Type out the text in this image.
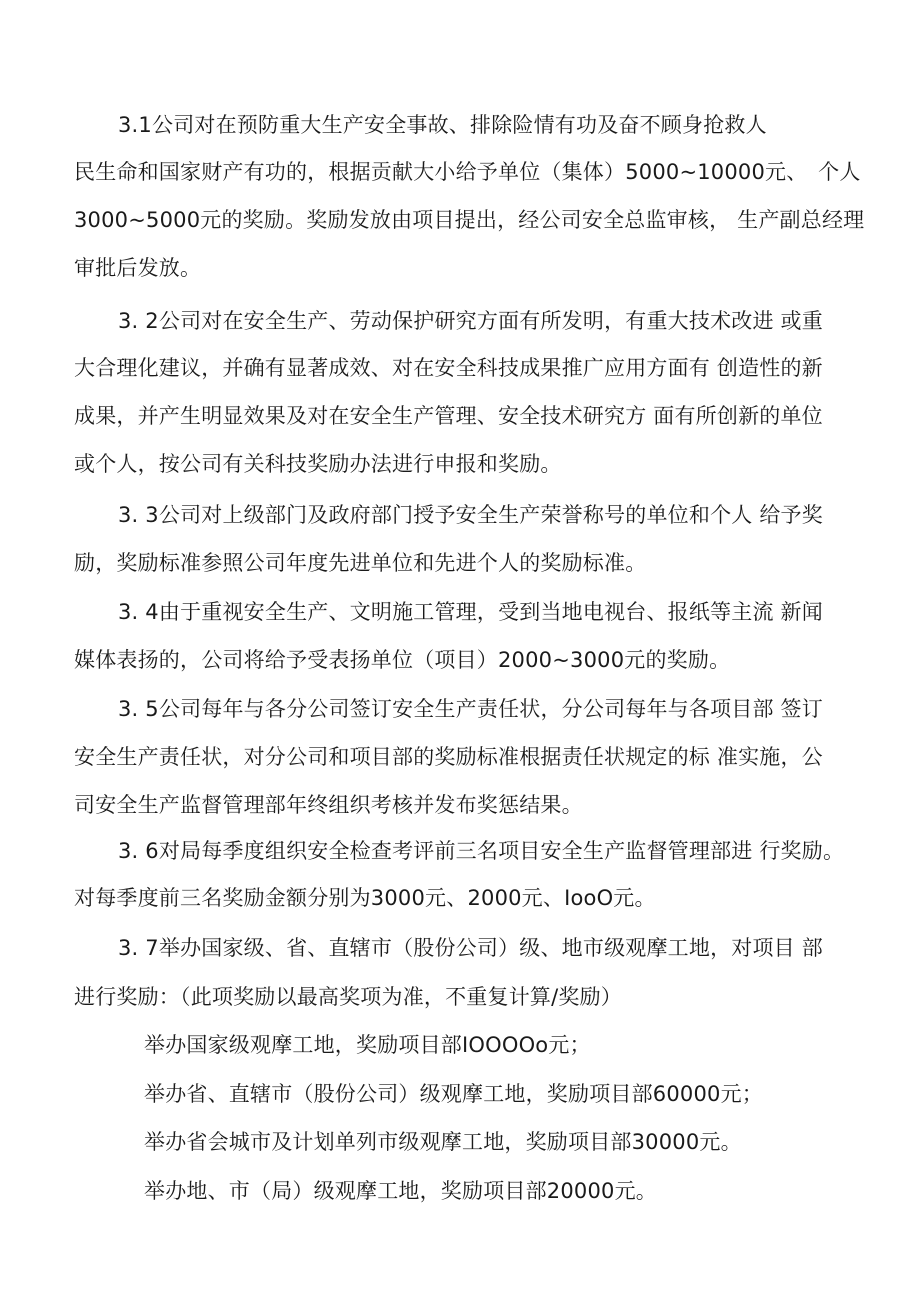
3.1公司对在预防重大生产安全事故、排除险情有功及奋不顾身抢救人
民生命和国家财产有功的，根据贡献大小给予单位（集体）5000~10000元、　个人
3000~5000元的奖励。奖励发放由项目提出，经公司安全总监审核， 生产副总经理
审批后发放。
3. 2公司对在安全生产、劳动保护研究方面有所发明，有重大技术改进 或重
大合理化建议，并确有显著成效、对在安全科技成果推广应用方面有 创造性的新
成果，并产生明显效果及对在安全生产管理、安全技术研究方 面有所创新的单位
或个人，按公司有关科技奖励办法进行申报和奖励。
3. 3公司对上级部门及政府部门授予安全生产荣誉称号的单位和个人 给予奖
励，奖励标准参照公司年度先进单位和先进个人的奖励标准。
3. 4由于重视安全生产、文明施工管理，受到当地电视台、报纸等主流 新闻
媒体表扬的，公司将给予受表扬单位（项目）2000~3000元的奖励。
3. 5公司每年与各分公司签订安全生产责任状，分公司每年与各项目部 签订
安全生产责任状，对分公司和项目部的奖励标准根据责任状规定的标 准实施，公
司安全生产监督管理部年终组织考核并发布奖惩结果。
3. 6对局每季度组织安全检查考评前三名项目安全生产监督管理部进 行奖励。
对每季度前三名奖励金额分别为3000元、2000元、IooO元。
3. 7举办国家级、省、直辖市（股份公司）级、地市级观摩工地，对项目 部
进行奖励：（此项奖励以最高奖项为准，不重复计算/奖励）
举办国家级观摩工地，奖励项目部IOOOOo元；
举办省、直辖市（股份公司）级观摩工地，奖励项目部60000元；
举办省会城市及计划单列市级观摩工地，奖励项目部30000元。
举办地、市（局）级观摩工地，奖励项目部20000元。
